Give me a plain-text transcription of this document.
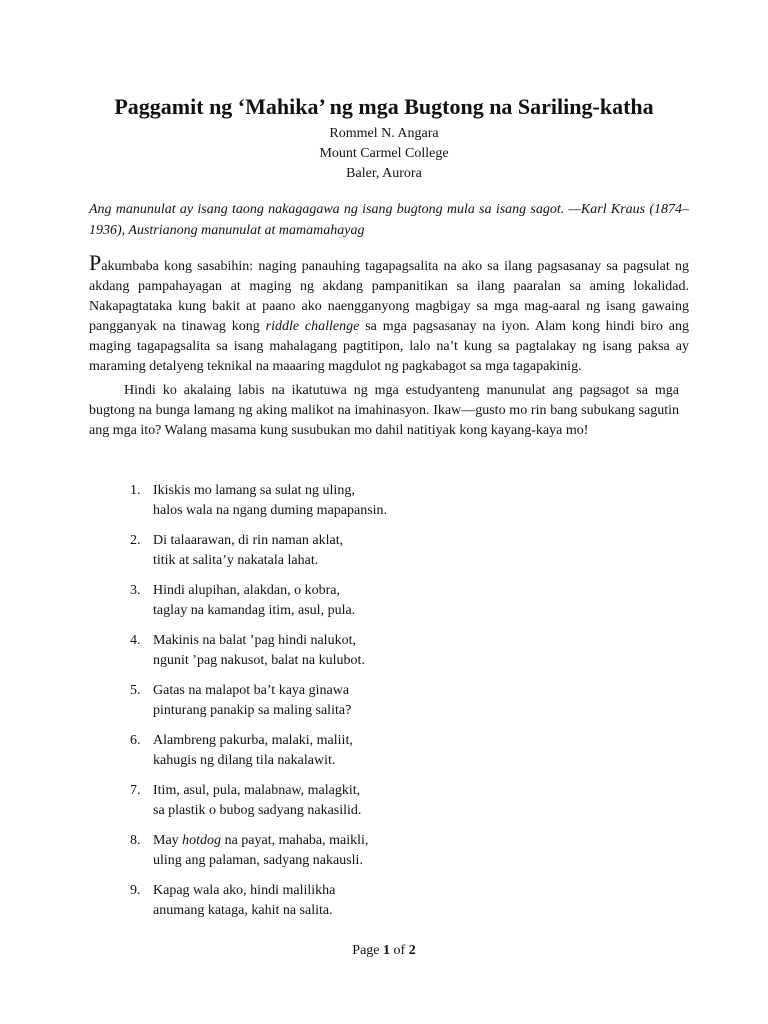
Paggamit ng ‘Mahika’ ng mga Bugtong na Sariling-katha
Rommel N. Angara
Mount Carmel College
Baler, Aurora
Ang manunulat ay isang taong nakagagawa ng isang bugtong mula sa isang sagot. —Karl Kraus (1874–1936), Austrianong manunulat at mamamahayag

Pakumbaba kong sasabihin: naging panauhing tagapagsalita na ako sa ilang pagsasanay sa pagsulat ng akdang pampahayagan at maging ng akdang pampanitikan sa ilang paaralan sa aming lokalidad. Nakapagtataka kung bakit at paano ako naengganyong magbigay sa mga mag-aaral ng isang gawaing pangganyak na tinawag kong riddle challenge sa mga pagsasanay na iyon. Alam kong hindi biro ang maging tagapagsalita sa isang mahalagang pagtitipon, lalo na’t kung sa pagtalakay ng isang paksa ay maraming detalyeng teknikal na maaaring magdulot ng pagkabagot sa mga tagapakinig.

Hindi ko akalaing labis na ikatutuwa ng mga estudyanteng manunulat ang pagsagot sa mga bugtong na bunga lamang ng aking malikot na imahinasyon. Ikaw—gusto mo rin bang subukang sagutin ang mga ito? Walang masama kung susubukan mo dahil natitiyak kong kayang-kaya mo!

1. Ikiskis mo lamang sa sulat ng uling,
halos wala na ngang duming mapapansin.
2. Di talaarawan, di rin naman aklat,
titik at salita’y nakatala lahat.
3. Hindi alupihan, alakdan, o kobra,
taglay na kamandag itim, asul, pula.
4. Makinis na balat ’pag hindi nalukot,
ngunit ’pag nakusot, balat na kulubot.
5. Gatas na malapot ba’t kaya ginawa
pinturang panakip sa maling salita?
6. Alambreng pakurba, malaki, maliit,
kahugis ng dilang tila nakalawit.
7. Itim, asul, pula, malabnaw, malagkit,
sa plastik o bubog sadyang nakasilid.
8. May hotdog na payat, mahaba, maikli,
uling ang palaman, sadyang nakausli.
9. Kapag wala ako, hindi malilikha
anumang kataga, kahit na salita.
Page 1 of 2
